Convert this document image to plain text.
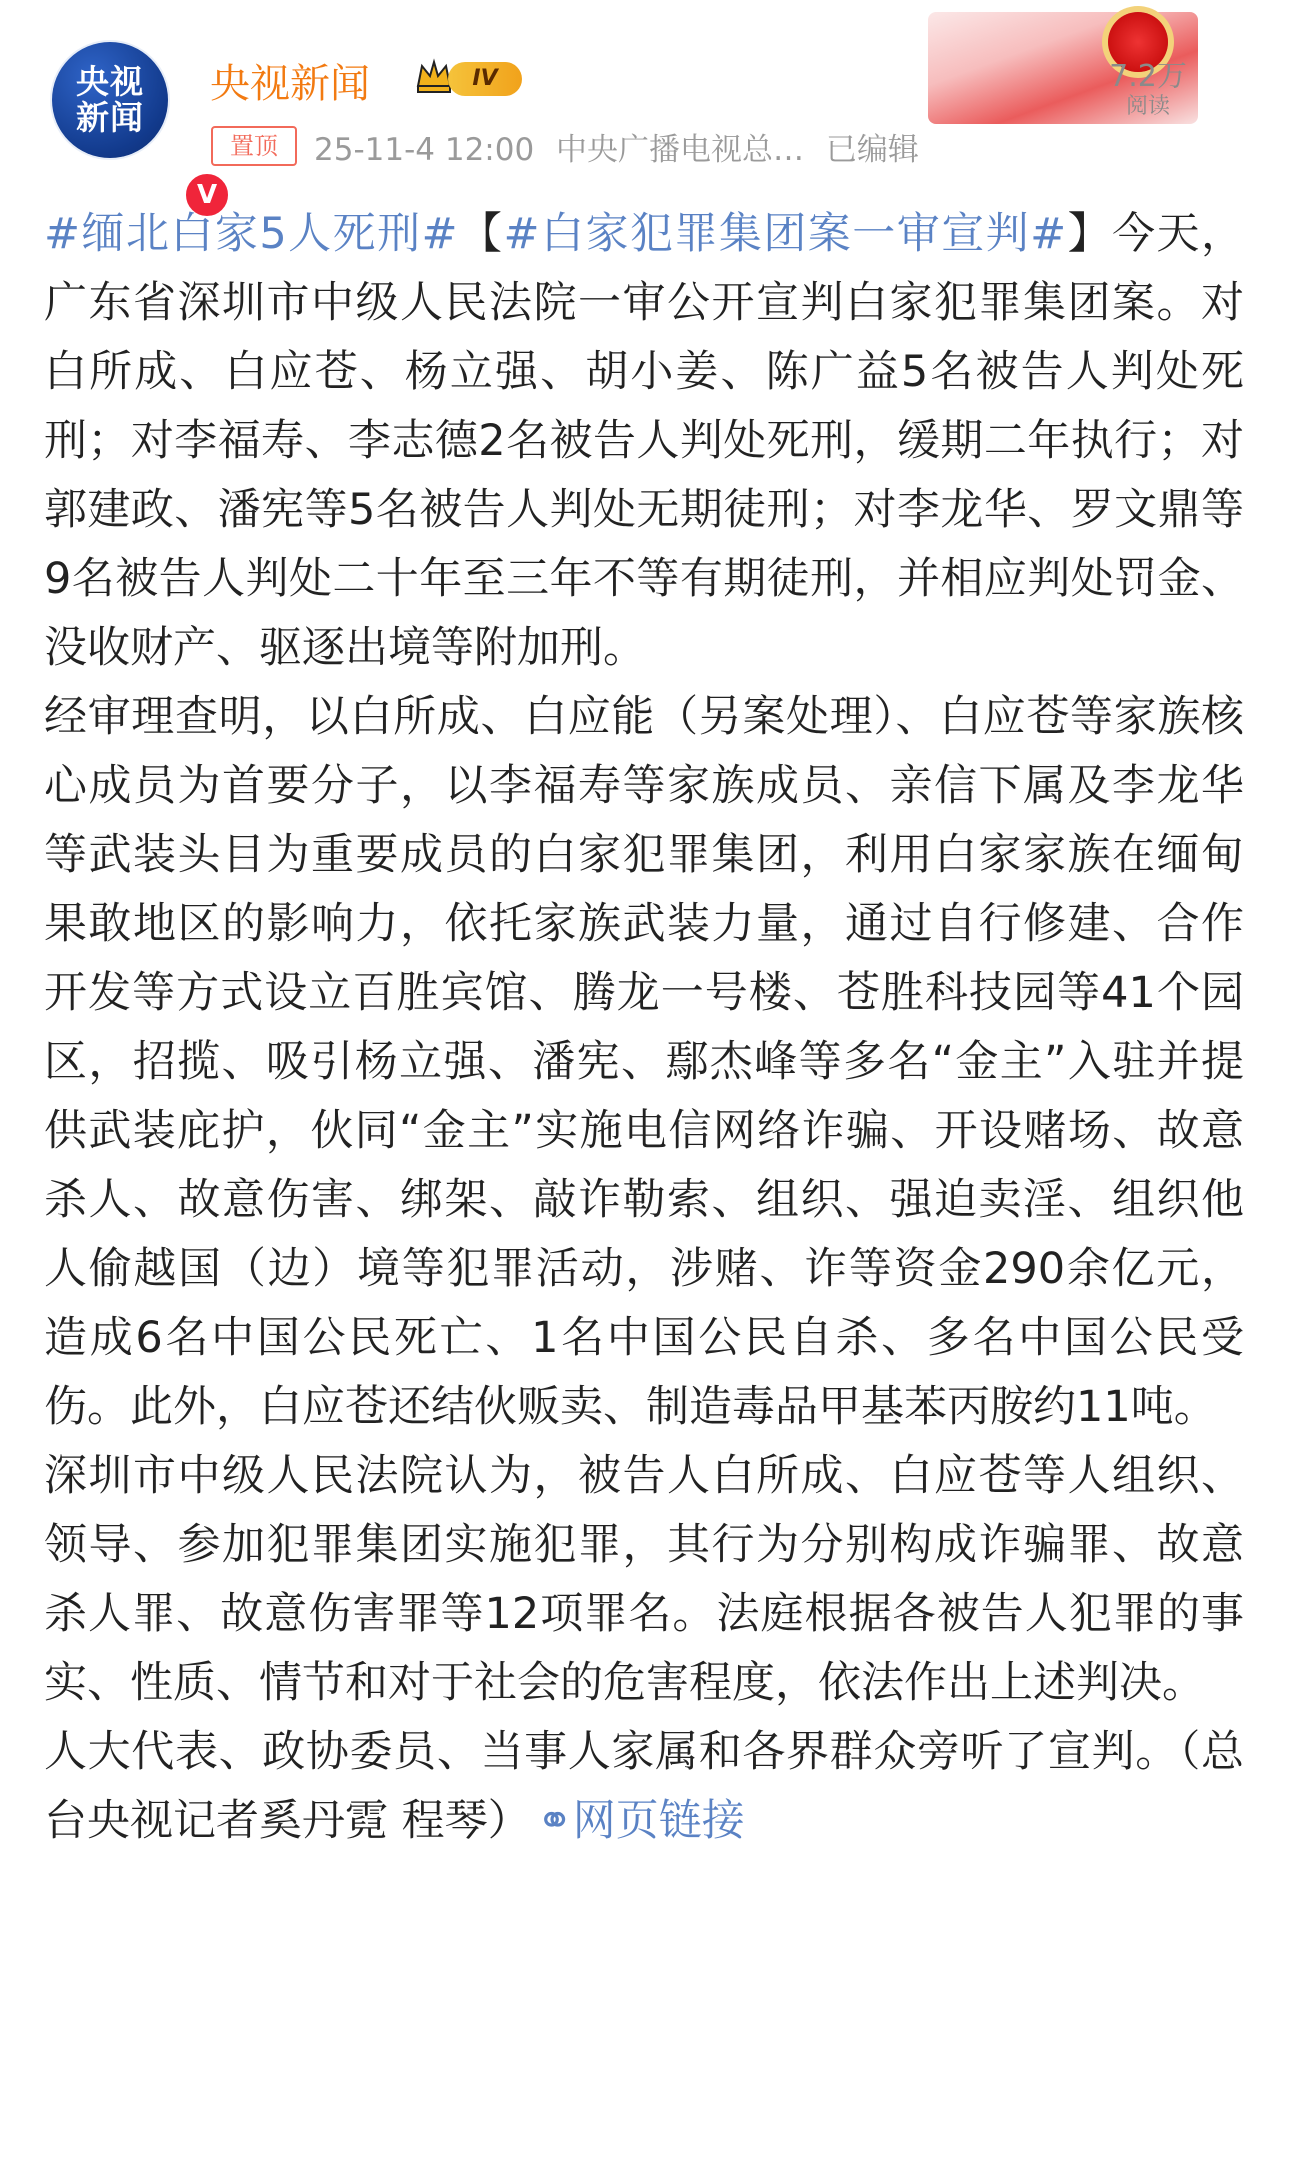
央视
新闻
V
央视新闻	IV
置顶	25-11-4 12:00 中央广播电视总… 已编辑
7.2万
阅读

#缅北白家5人死刑#【#白家犯罪集团案一审宣判#】今天，广东省深圳市中级人民法院一审公开宣判白家犯罪集团案。对白所成、白应苍、杨立强、胡小姜、陈广益5名被告人判处死刑；对李福寿、李志德2名被告人判处死刑，缓期二年执行；对郭建政、潘宪等5名被告人判处无期徒刑；对李龙华、罗文鼎等9名被告人判处二十年至三年不等有期徒刑，并相应判处罚金、没收财产、驱逐出境等附加刑。

经审理查明，以白所成、白应能（另案处理）、白应苍等家族核心成员为首要分子，以李福寿等家族成员、亲信下属及李龙华等武装头目为重要成员的白家犯罪集团，利用白家家族在缅甸果敢地区的影响力，依托家族武装力量，通过自行修建、合作开发等方式设立百胜宾馆、腾龙一号楼、苍胜科技园等41个园区，招揽、吸引杨立强、潘宪、鄢杰峰等多名“金主”入驻并提供武装庇护，伙同“金主”实施电信网络诈骗、开设赌场、故意杀人、故意伤害、绑架、敲诈勒索、组织、强迫卖淫、组织他人偷越国（边）境等犯罪活动，涉赌、诈等资金290余亿元，造成6名中国公民死亡、1名中国公民自杀、多名中国公民受伤。此外，白应苍还结伙贩卖、制造毒品甲基苯丙胺约11吨。

深圳市中级人民法院认为，被告人白所成、白应苍等人组织、领导、参加犯罪集团实施犯罪，其行为分别构成诈骗罪、故意杀人罪、故意伤害罪等12项罪名。法庭根据各被告人犯罪的事实、性质、情节和对于社会的危害程度，依法作出上述判决。

人大代表、政协委员、当事人家属和各界群众旁听了宣判。（总台央视记者奚丹霓 程琴） ⚭网页链接
